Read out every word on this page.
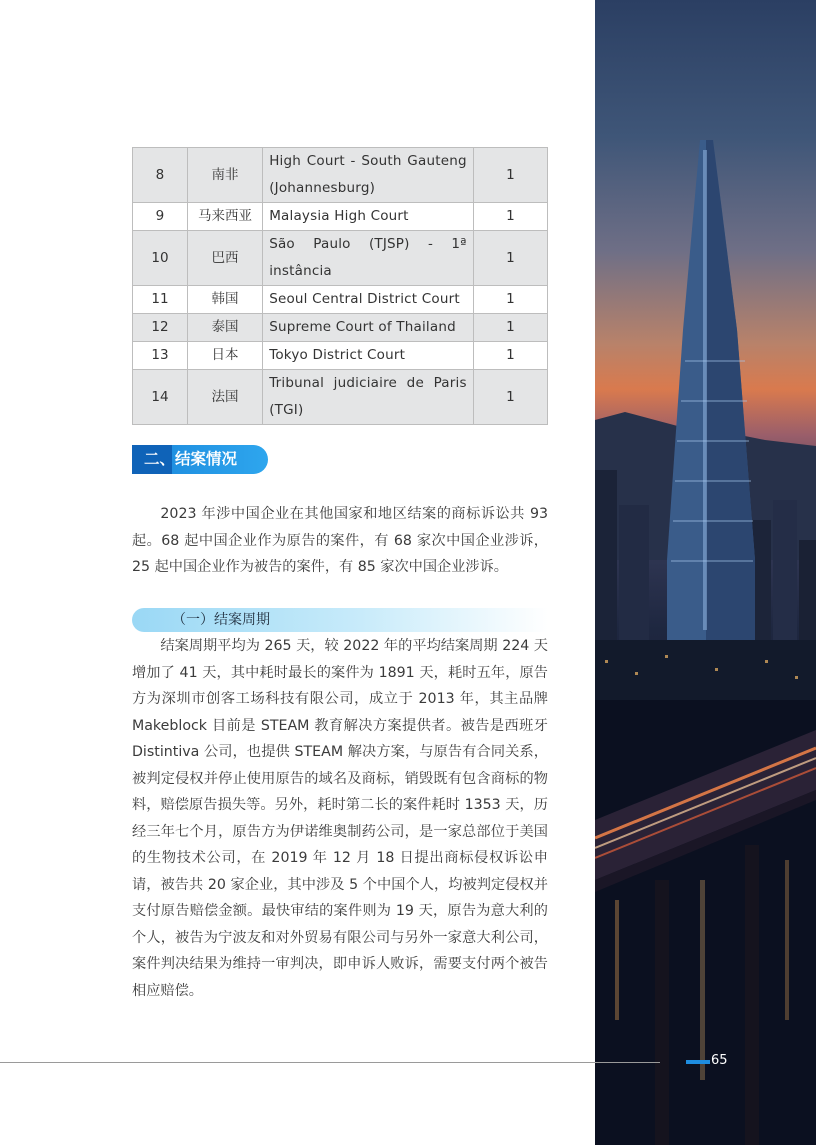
8	南非	High Court - South Gauteng (Johannesburg)	1
9	马来西亚	Malaysia High Court	1
10	巴西	São Paulo (TJSP) - 1ª instância	1
11	韩国	Seoul Central District Court	1
12	泰国	Supreme Court of Thailand	1
13	日本	Tokyo District Court	1
14	法国	Tribunal judiciaire de Paris (TGI)	1
二、结案情况
2023 年涉中国企业在其他国家和地区结案的商标诉讼共 93 起。68 起中国企业作为原告的案件，有 68 家次中国企业涉诉，25 起中国企业作为被告的案件，有 85 家次中国企业涉诉。
（一）结案周期
结案周期平均为 265 天，较 2022 年的平均结案周期 224 天增加了 41 天，其中耗时最长的案件为 1891 天，耗时五年，原告方为深圳市创客工场科技有限公司，成立于 2013 年，其主品牌 Makeblock 目前是 STEAM 教育解决方案提供者。被告是西班牙 Distintiva 公司，也提供 STEAM 解决方案，与原告有合同关系，被判定侵权并停止使用原告的域名及商标，销毁既有包含商标的物料，赔偿原告损失等。另外，耗时第二长的案件耗时 1353 天，历经三年七个月，原告方为伊诺维奥制药公司，是一家总部位于美国的生物技术公司，在 2019 年 12 月 18 日提出商标侵权诉讼申请，被告共 20 家企业，其中涉及 5 个中国个人，均被判定侵权并支付原告赔偿金额。最快审结的案件则为 19 天，原告为意大利的个人，被告为宁波友和对外贸易有限公司与另外一家意大利公司，案件判决结果为维持一审判决，即申诉人败诉，需要支付两个被告相应赔偿。
65
